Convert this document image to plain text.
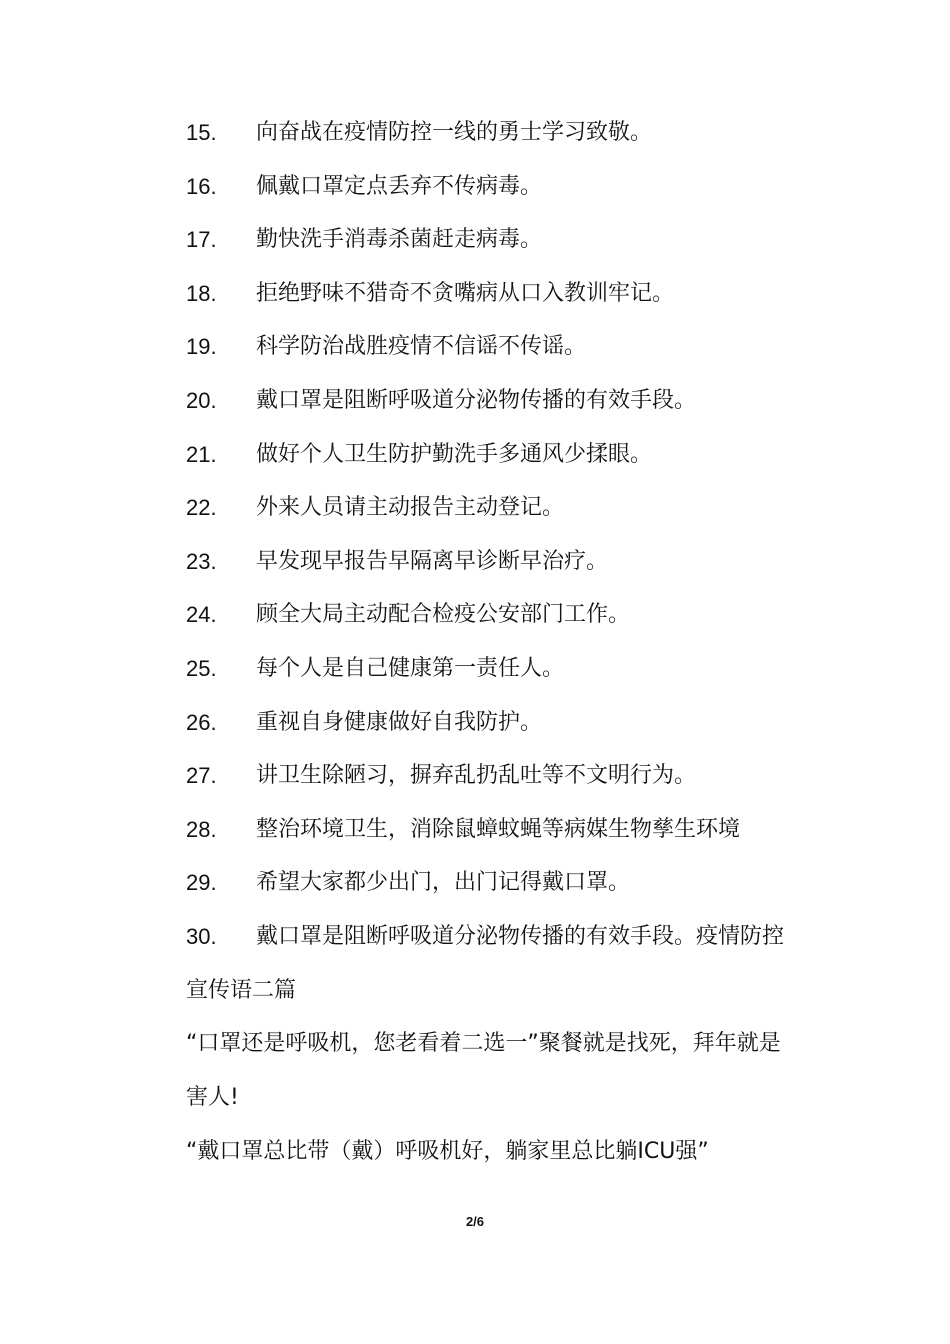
15.	向奋战在疫情防控一线的勇士学习致敬。
16.	佩戴口罩定点丢弃不传病毒。
17.	勤快洗手消毒杀菌赶走病毒。
18.	拒绝野味不猎奇不贪嘴病从口入教训牢记。
19.	科学防治战胜疫情不信谣不传谣。
20.	戴口罩是阻断呼吸道分泌物传播的有效手段。
21.	做好个人卫生防护勤洗手多通风少揉眼。
22.	外来人员请主动报告主动登记。
23.	早发现早报告早隔离早诊断早治疗。
24.	顾全大局主动配合检疫公安部门工作。
25.	每个人是自己健康第一责任人。
26.	重视自身健康做好自我防护。
27.	讲卫生除陋习，摒弃乱扔乱吐等不文明行为。
28.	整治环境卫生，消除鼠蟑蚊蝇等病媒生物孳生环境
29.	希望大家都少出门，出门记得戴口罩。
30.	戴口罩是阻断呼吸道分泌物传播的有效手段。疫情防控
宣传语二篇
“口罩还是呼吸机，您老看着二选一”聚餐就是找死，拜年就是
害人!
“戴口罩总比带（戴）呼吸机好，躺家里总比躺ICU强”
2/6
